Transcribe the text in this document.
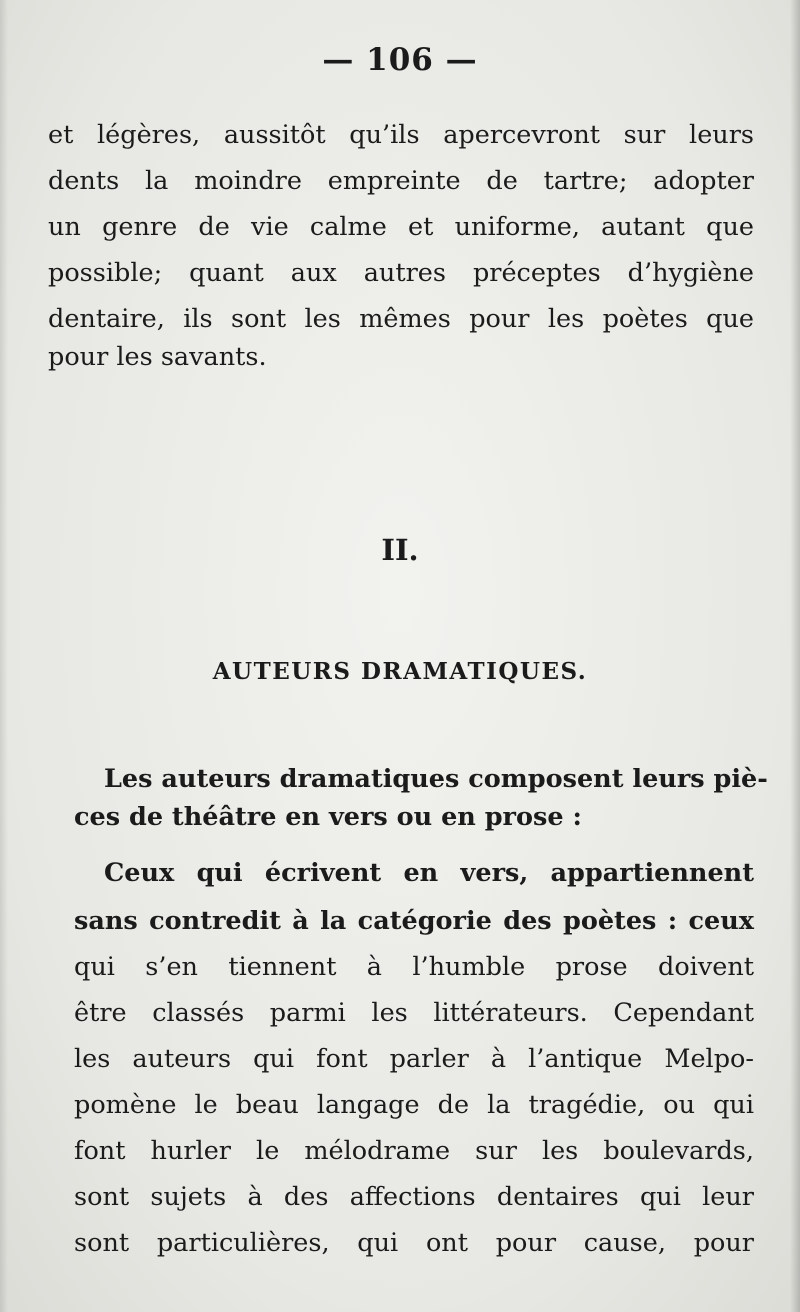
— 106 —
et légères, aussitôt qu’ils apercevront sur leurs
dents la moindre empreinte de tartre; adopter
un genre de vie calme et uniforme, autant que
possible; quant aux autres préceptes d’hygiène
dentaire, ils sont les mêmes pour les poètes que
pour les savants.
II.
AUTEURS DRAMATIQUES.
Les auteurs dramatiques composent leurs piè-
ces de théâtre en vers ou en prose :
Ceux qui écrivent en vers, appartiennent
sans contredit à la catégorie des poètes : ceux
qui s’en tiennent à l’humble prose doivent
être classés parmi les littérateurs. Cependant
les auteurs qui font parler à l’antique Melpo-
pomène le beau langage de la tragédie, ou qui
font hurler le mélodrame sur les boulevards,
sont sujets à des affections dentaires qui leur
sont particulières, qui ont pour cause, pour
